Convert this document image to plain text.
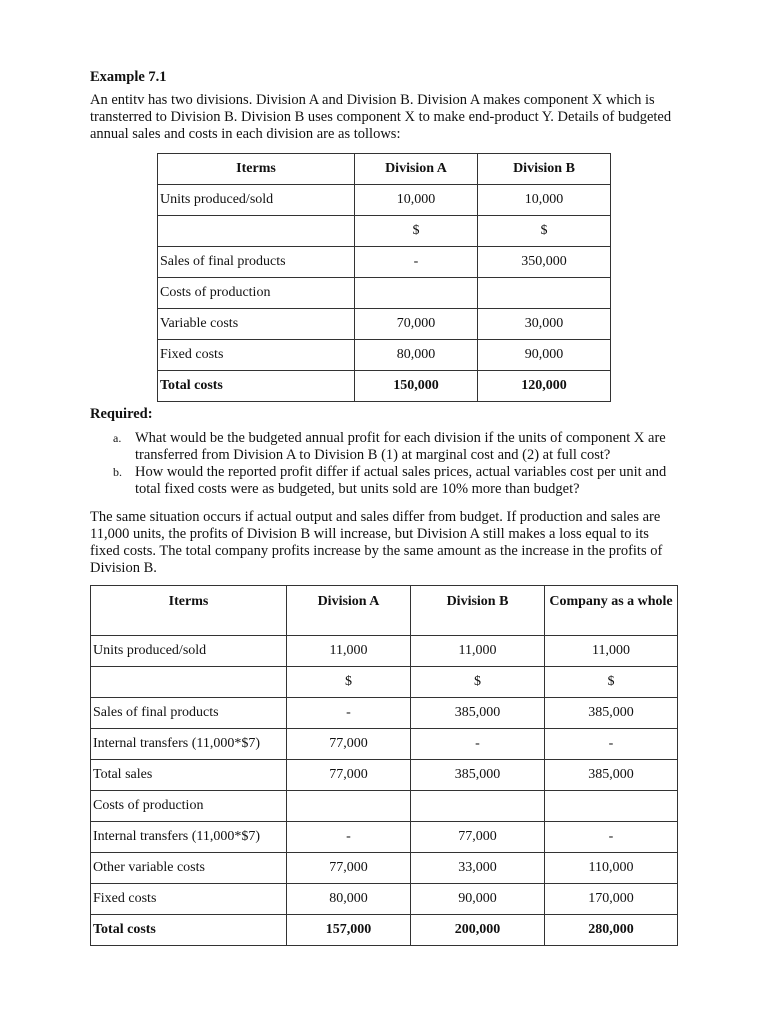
Example 7.1
An entitv has two divisions. Division A and Division B. Division A makes component X which is transterred to Division B. Division B uses component X to make end-product Y. Details of budgeted annual sales and costs in each division are as tollows:
Iterms	Division A	Division B
Units produced/sold	10,000	10,000
	$	$
Sales of final products	-	350,000
Costs of production		
Variable costs	70,000	30,000
Fixed costs	80,000	90,000
Total costs	150,000	120,000
Required:
a. What would be the budgeted annual profit for each division if the units of component X are transferred from Division A to Division B (1) at marginal cost and (2) at full cost?
b. How would the reported profit differ if actual sales prices, actual variables cost per unit and total fixed costs were as budgeted, but units sold are 10% more than budget?
The same situation occurs if actual output and sales differ from budget. If production and sales are 11,000 units, the profits of Division B will increase, but Division A still makes a loss equal to its fixed costs. The total company profits increase by the same amount as the increase in the profits of Division B.
Iterms	Division A	Division B	Company as a whole
Units produced/sold	11,000	11,000	11,000
	$	$	$
Sales of final products	-	385,000	385,000
Internal transfers (11,000*$7)	77,000	-	-
Total sales	77,000	385,000	385,000
Costs of production			
Internal transfers (11,000*$7)	-	77,000	-
Other variable costs	77,000	33,000	110,000
Fixed costs	80,000	90,000	170,000
Total costs	157,000	200,000	280,000
